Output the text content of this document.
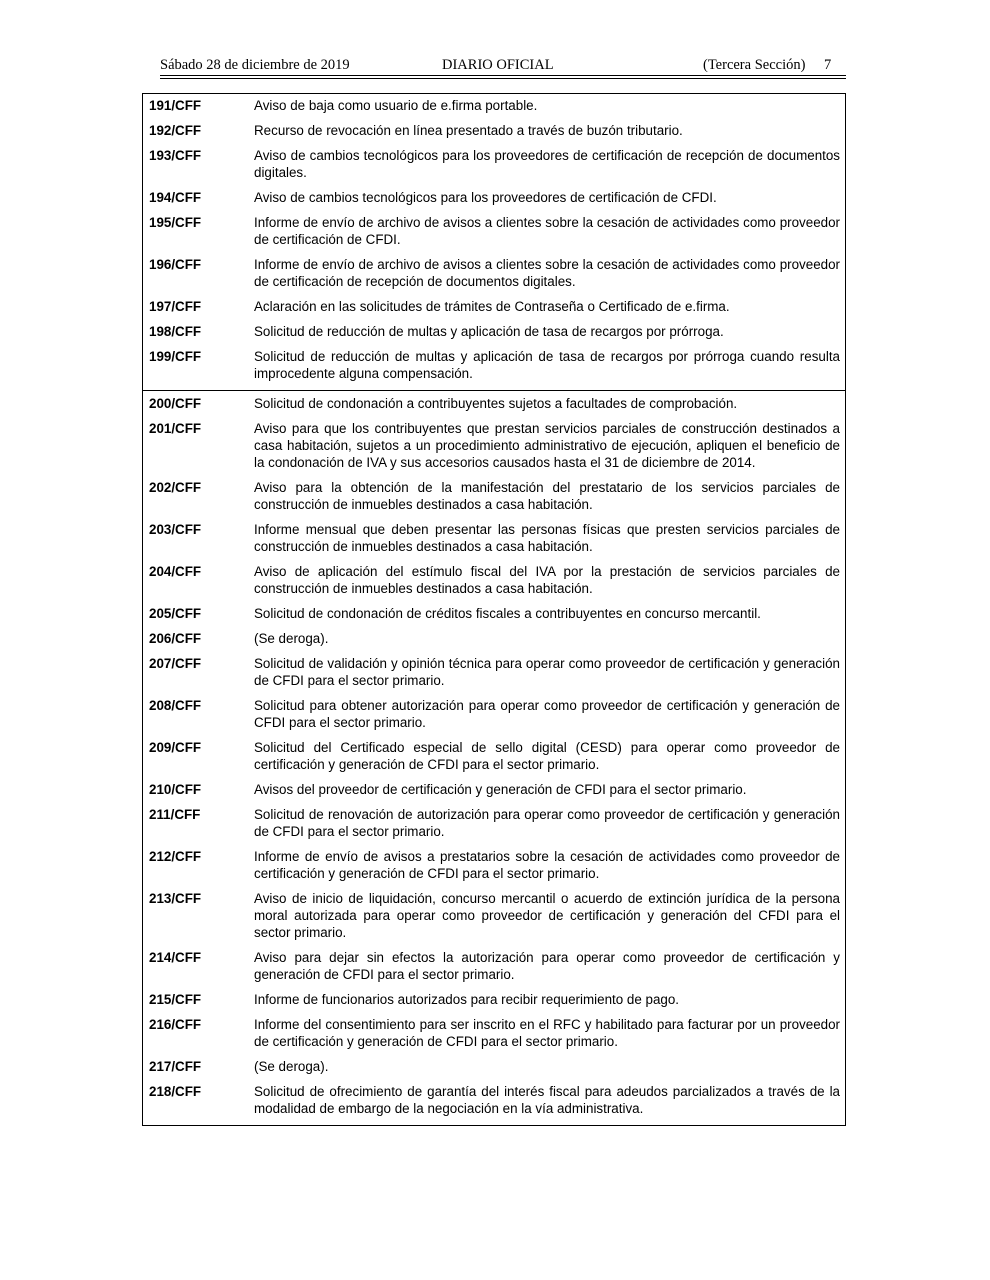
Sábado 28 de diciembre de 2019	DIARIO OFICIAL	(Tercera Sección) 7
191/CFF	Aviso de baja como usuario de e.firma portable.
192/CFF	Recurso de revocación en línea presentado a través de buzón tributario.
193/CFF	Aviso de cambios tecnológicos para los proveedores de certificación de recepción de documentos digitales.
194/CFF	Aviso de cambios tecnológicos para los proveedores de certificación de CFDI.
195/CFF	Informe de envío de archivo de avisos a clientes sobre la cesación de actividades como proveedor de certificación de CFDI.
196/CFF	Informe de envío de archivo de avisos a clientes sobre la cesación de actividades como proveedor de certificación de recepción de documentos digitales.
197/CFF	Aclaración en las solicitudes de trámites de Contraseña o Certificado de e.firma.
198/CFF	Solicitud de reducción de multas y aplicación de tasa de recargos por prórroga.
199/CFF	Solicitud de reducción de multas y aplicación de tasa de recargos por prórroga cuando resulta improcedente alguna compensación.
200/CFF	Solicitud de condonación a contribuyentes sujetos a facultades de comprobación.
201/CFF	Aviso para que los contribuyentes que prestan servicios parciales de construcción destinados a casa habitación, sujetos a un procedimiento administrativo de ejecución, apliquen el beneficio de la condonación de IVA y sus accesorios causados hasta el 31 de diciembre de 2014.
202/CFF	Aviso para la obtención de la manifestación del prestatario de los servicios parciales de construcción de inmuebles destinados a casa habitación.
203/CFF	Informe mensual que deben presentar las personas físicas que presten servicios parciales de construcción de inmuebles destinados a casa habitación.
204/CFF	Aviso de aplicación del estímulo fiscal del IVA por la prestación de servicios parciales de construcción de inmuebles destinados a casa habitación.
205/CFF	Solicitud de condonación de créditos fiscales a contribuyentes en concurso mercantil.
206/CFF	(Se deroga).
207/CFF	Solicitud de validación y opinión técnica para operar como proveedor de certificación y generación de CFDI para el sector primario.
208/CFF	Solicitud para obtener autorización para operar como proveedor de certificación y generación de CFDI para el sector primario.
209/CFF	Solicitud del Certificado especial de sello digital (CESD) para operar como proveedor de certificación y generación de CFDI para el sector primario.
210/CFF	Avisos del proveedor de certificación y generación de CFDI para el sector primario.
211/CFF	Solicitud de renovación de autorización para operar como proveedor de certificación y generación de CFDI para el sector primario.
212/CFF	Informe de envío de avisos a prestatarios sobre la cesación de actividades como proveedor de certificación y generación de CFDI para el sector primario.
213/CFF	Aviso de inicio de liquidación, concurso mercantil o acuerdo de extinción jurídica de la persona moral autorizada para operar como proveedor de certificación y generación del CFDI para el sector primario.
214/CFF	Aviso para dejar sin efectos la autorización para operar como proveedor de certificación y generación de CFDI para el sector primario.
215/CFF	Informe de funcionarios autorizados para recibir requerimiento de pago.
216/CFF	Informe del consentimiento para ser inscrito en el RFC y habilitado para facturar por un proveedor de certificación y generación de CFDI para el sector primario.
217/CFF	(Se deroga).
218/CFF	Solicitud de ofrecimiento de garantía del interés fiscal para adeudos parcializados a través de la modalidad de embargo de la negociación en la vía administrativa.
